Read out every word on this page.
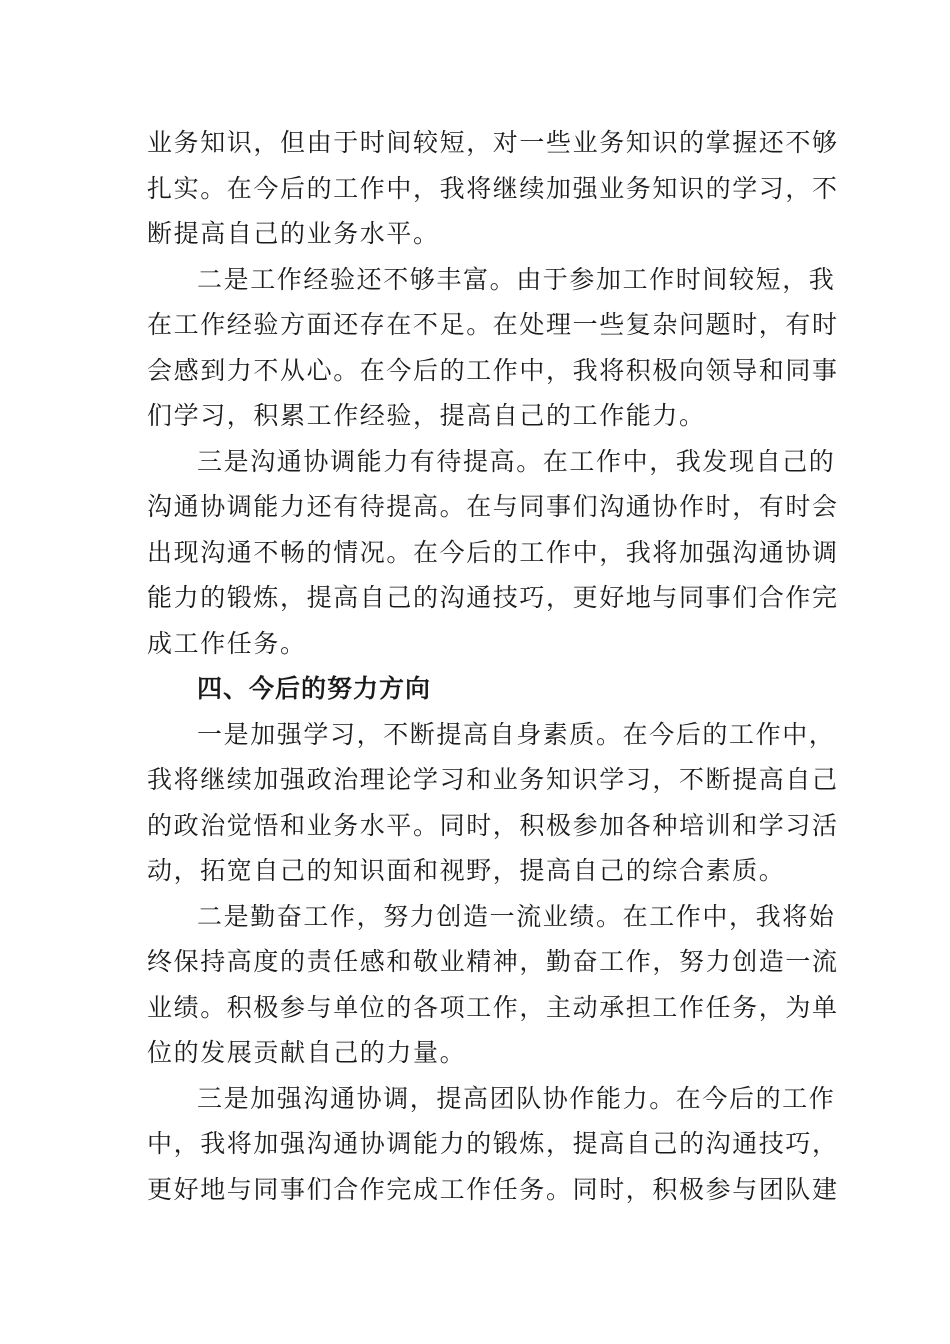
业务知识，但由于时间较短，对一些业务知识的掌握还不够
扎实。在今后的工作中，我将继续加强业务知识的学习，不
断提高自己的业务水平。
二是工作经验还不够丰富。由于参加工作时间较短，我
在工作经验方面还存在不足。在处理一些复杂问题时，有时
会感到力不从心。在今后的工作中，我将积极向领导和同事
们学习，积累工作经验，提高自己的工作能力。
三是沟通协调能力有待提高。在工作中，我发现自己的
沟通协调能力还有待提高。在与同事们沟通协作时，有时会
出现沟通不畅的情况。在今后的工作中，我将加强沟通协调
能力的锻炼，提高自己的沟通技巧，更好地与同事们合作完
成工作任务。
四、今后的努力方向
一是加强学习，不断提高自身素质。在今后的工作中，
我将继续加强政治理论学习和业务知识学习，不断提高自己
的政治觉悟和业务水平。同时，积极参加各种培训和学习活
动，拓宽自己的知识面和视野，提高自己的综合素质。
二是勤奋工作，努力创造一流业绩。在工作中，我将始
终保持高度的责任感和敬业精神，勤奋工作，努力创造一流
业绩。积极参与单位的各项工作，主动承担工作任务，为单
位的发展贡献自己的力量。
三是加强沟通协调，提高团队协作能力。在今后的工作
中，我将加强沟通协调能力的锻炼，提高自己的沟通技巧，
更好地与同事们合作完成工作任务。同时，积极参与团队建
